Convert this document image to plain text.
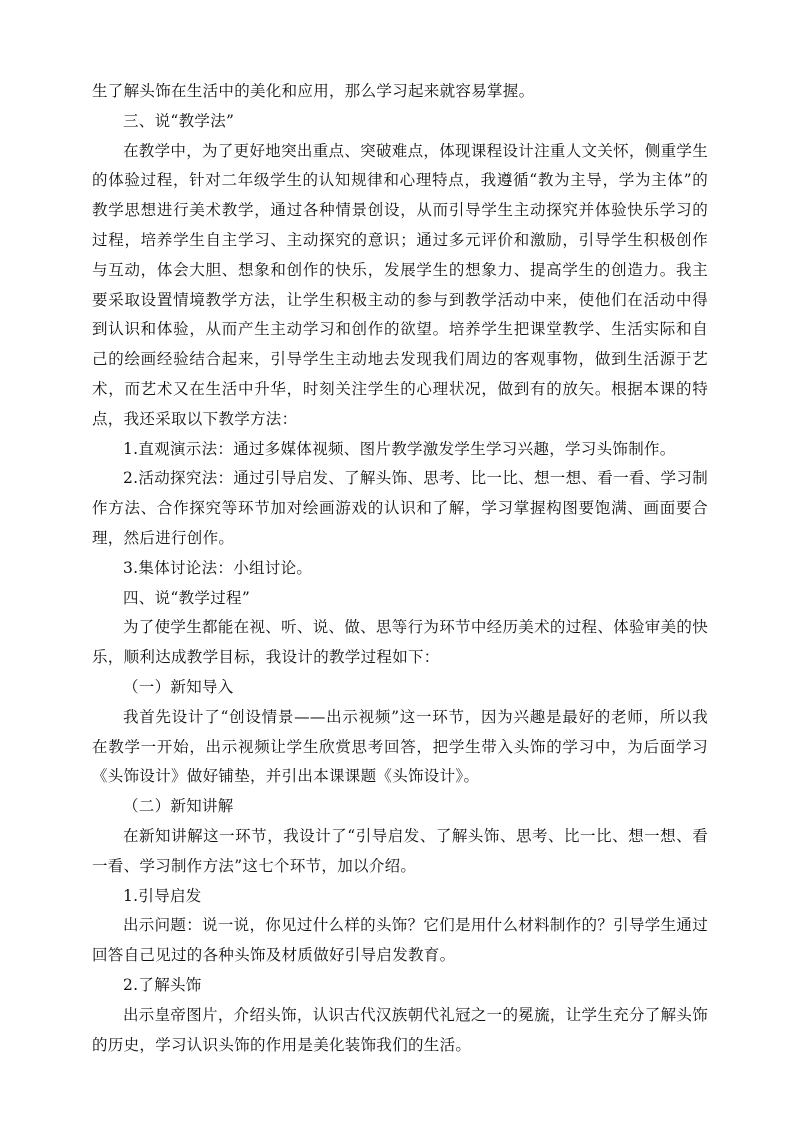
生了解头饰在生活中的美化和应用，那么学习起来就容易掌握。

三、说“教学法”

在教学中，为了更好地突出重点、突破难点，体现课程设计注重人文关怀，侧重学生的体验过程，针对二年级学生的认知规律和心理特点，我遵循“教为主导，学为主体”的教学思想进行美术教学，通过各种情景创设，从而引导学生主动探究并体验快乐学习的过程，培养学生自主学习、主动探究的意识；通过多元评价和激励，引导学生积极创作与互动，体会大胆、想象和创作的快乐，发展学生的想象力、提高学生的创造力。我主要采取设置情境教学方法，让学生积极主动的参与到教学活动中来，使他们在活动中得到认识和体验，从而产生主动学习和创作的欲望。培养学生把课堂教学、生活实际和自己的绘画经验结合起来，引导学生主动地去发现我们周边的客观事物，做到生活源于艺术，而艺术又在生活中升华，时刻关注学生的心理状况，做到有的放矢。根据本课的特点，我还采取以下教学方法：

1.直观演示法：通过多媒体视频、图片教学激发学生学习兴趣，学习头饰制作。

2.活动探究法：通过引导启发、了解头饰、思考、比一比、想一想、看一看、学习制作方法、合作探究等环节加对绘画游戏的认识和了解，学习掌握构图要饱满、画面要合理，然后进行创作。

3.集体讨论法：小组讨论。

四、说“教学过程”

为了使学生都能在视、听、说、做、思等行为环节中经历美术的过程、体验审美的快乐，顺利达成教学目标，我设计的教学过程如下：

（一）新知导入

我首先设计了“创设情景——出示视频”这一环节，因为兴趣是最好的老师，所以我在教学一开始，出示视频让学生欣赏思考回答，把学生带入头饰的学习中，为后面学习《头饰设计》做好铺垫，并引出本课课题《头饰设计》。

（二）新知讲解

在新知讲解这一环节，我设计了“引导启发、了解头饰、思考、比一比、想一想、看一看、学习制作方法”这七个环节，加以介绍。

1.引导启发

出示问题：说一说，你见过什么样的头饰？它们是用什么材料制作的？引导学生通过回答自己见过的各种头饰及材质做好引导启发教育。

2.了解头饰

出示皇帝图片，介绍头饰，认识古代汉族朝代礼冠之一的冕旒，让学生充分了解头饰的历史，学习认识头饰的作用是美化装饰我们的生活。
